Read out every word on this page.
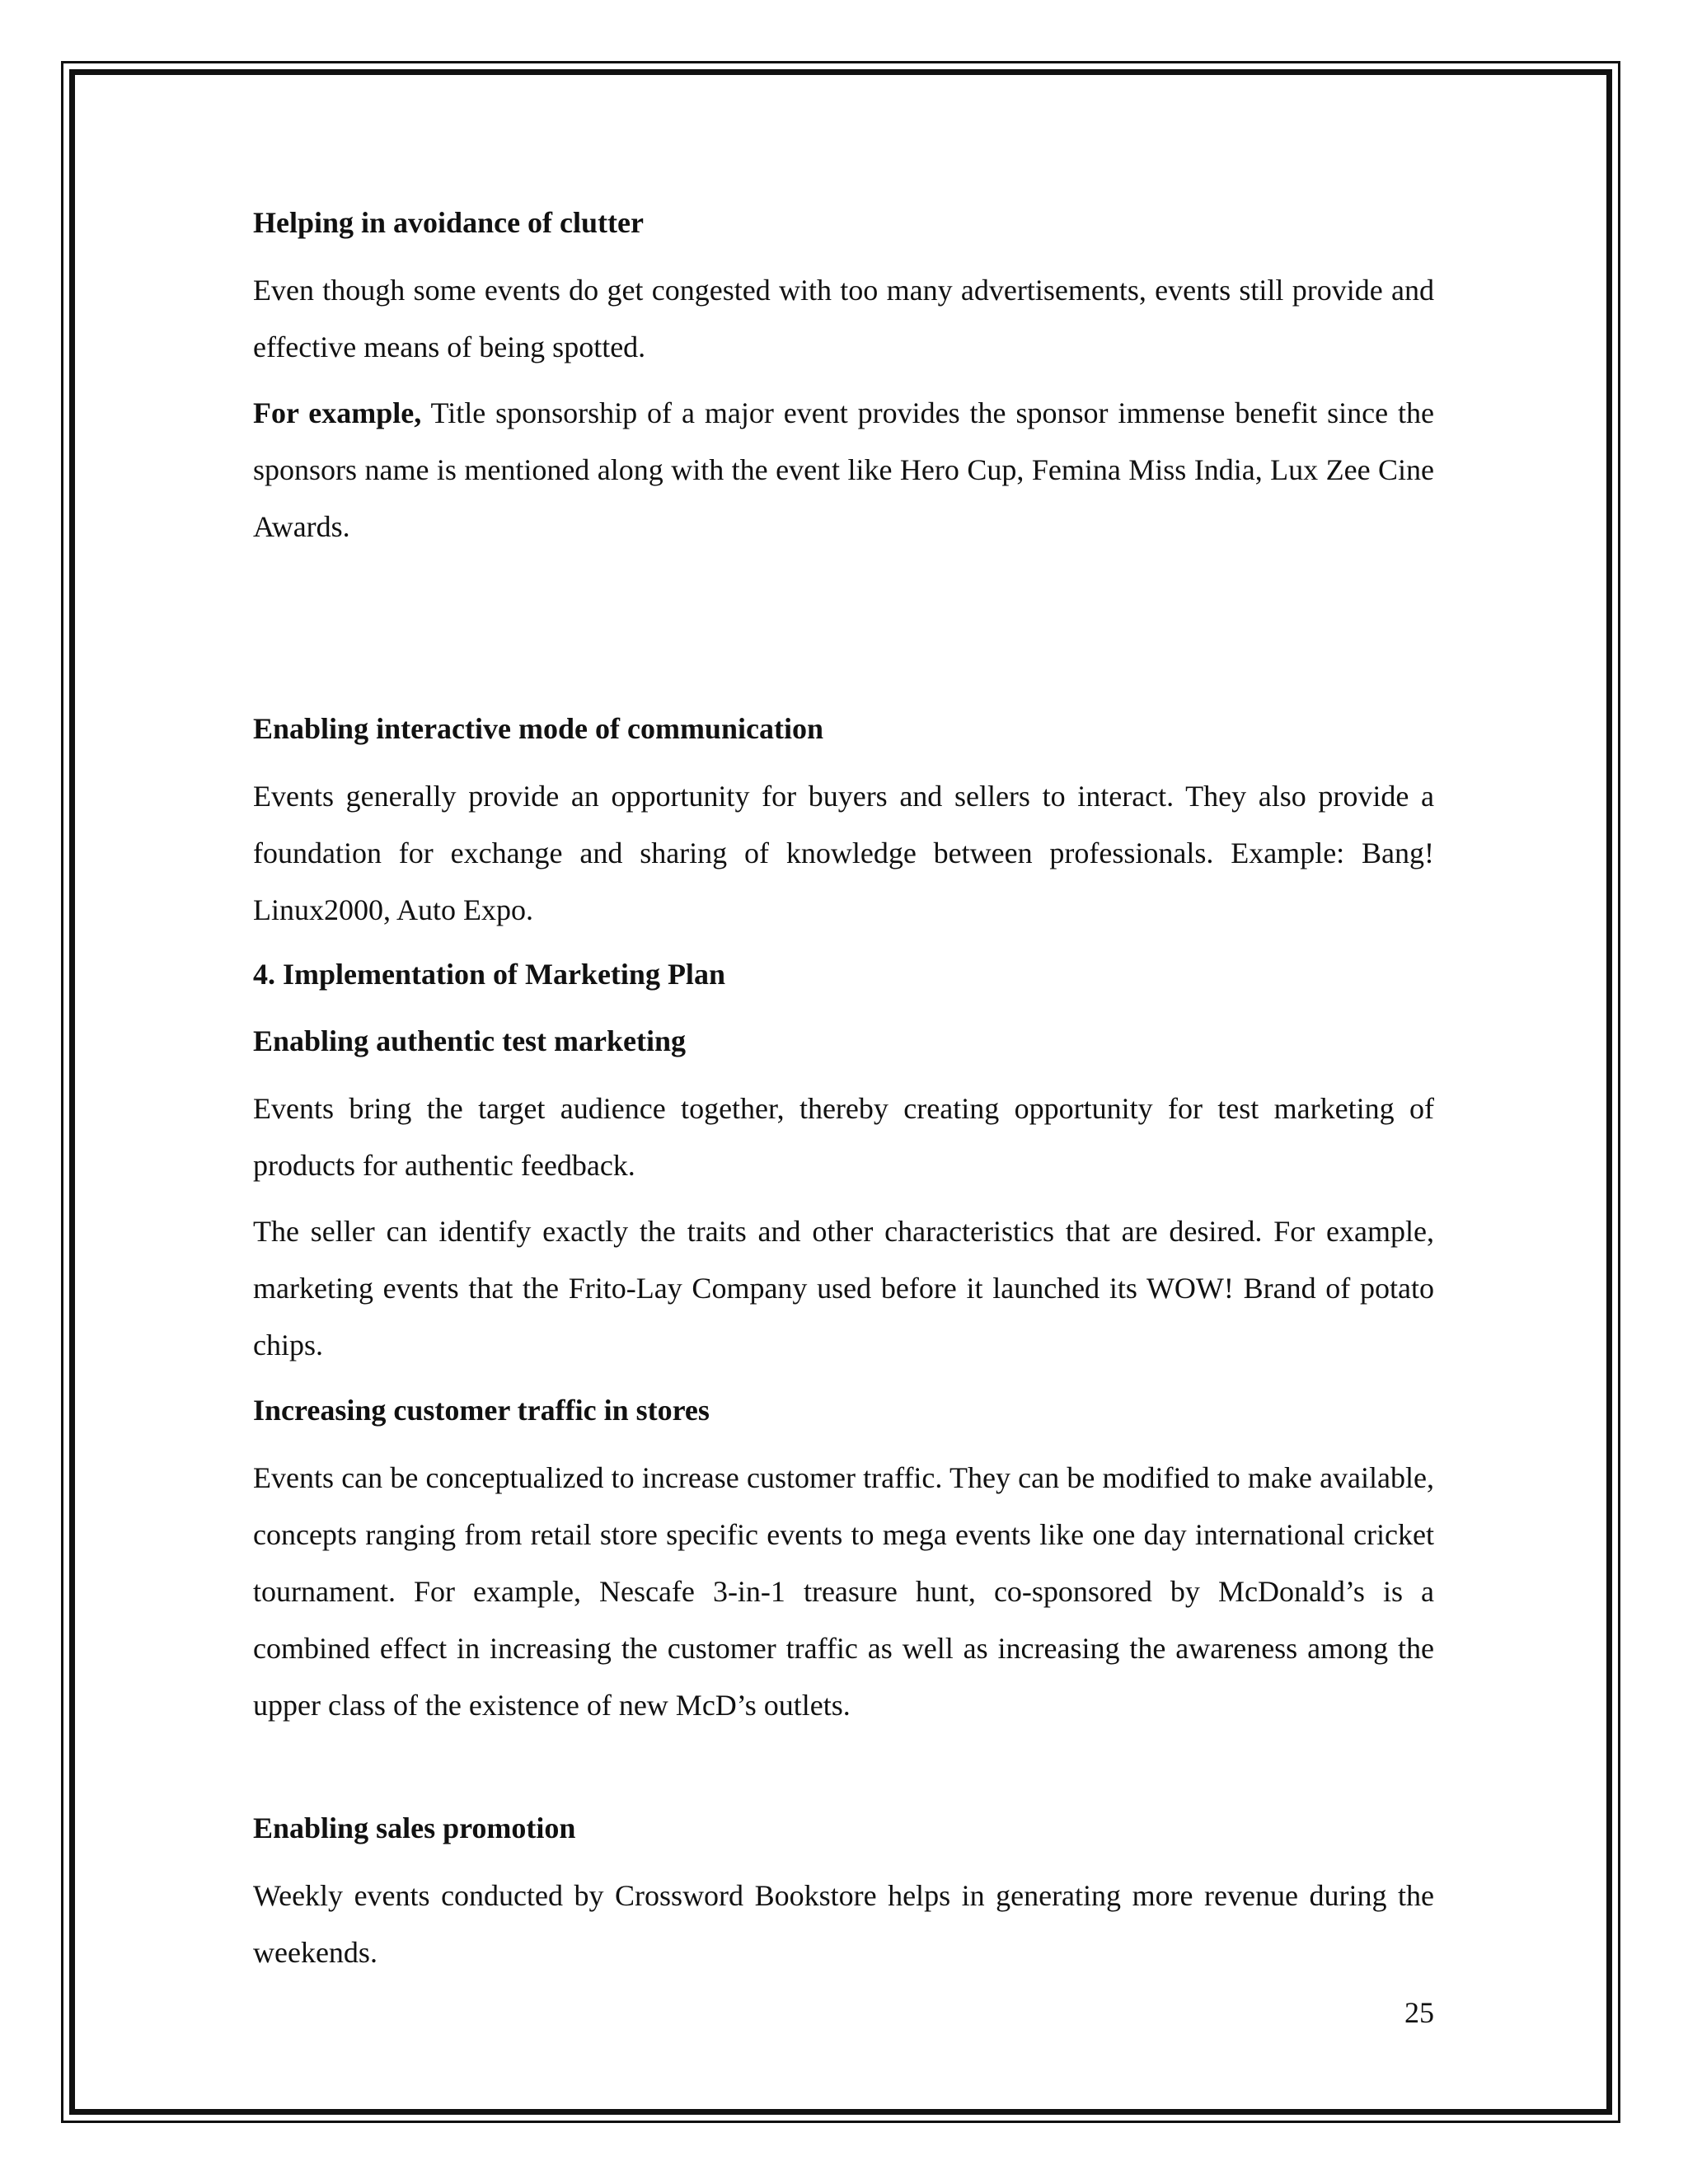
Helping in avoidance of clutter
Even though some events do get congested with too many advertisements, events still provide and effective means of being spotted.
For example, Title sponsorship of a major event provides the sponsor immense benefit since the sponsors name is mentioned along with the event like Hero Cup, Femina Miss India, Lux Zee Cine Awards.
Enabling interactive mode of communication
Events generally provide an opportunity for buyers and sellers to interact. They also provide a foundation for exchange and sharing of knowledge between professionals. Example: Bang! Linux2000, Auto Expo.
4. Implementation of Marketing Plan
Enabling authentic test marketing
Events bring the target audience together, thereby creating opportunity for test marketing of products for authentic feedback.
The seller can identify exactly the traits and other characteristics that are desired. For example, marketing events that the Frito-Lay Company used before it launched its WOW! Brand of potato chips.
Increasing customer traffic in stores
Events can be conceptualized to increase customer traffic. They can be modified to make available, concepts ranging from retail store specific events to mega events like one day international cricket tournament. For example, Nescafe 3-in-1 treasure hunt, co-sponsored by McDonald’s is a combined effect in increasing the customer traffic as well as increasing the awareness among the upper class of the existence of new McD’s outlets.
Enabling sales promotion
Weekly events conducted by Crossword Bookstore helps in generating more revenue during the weekends.
25
